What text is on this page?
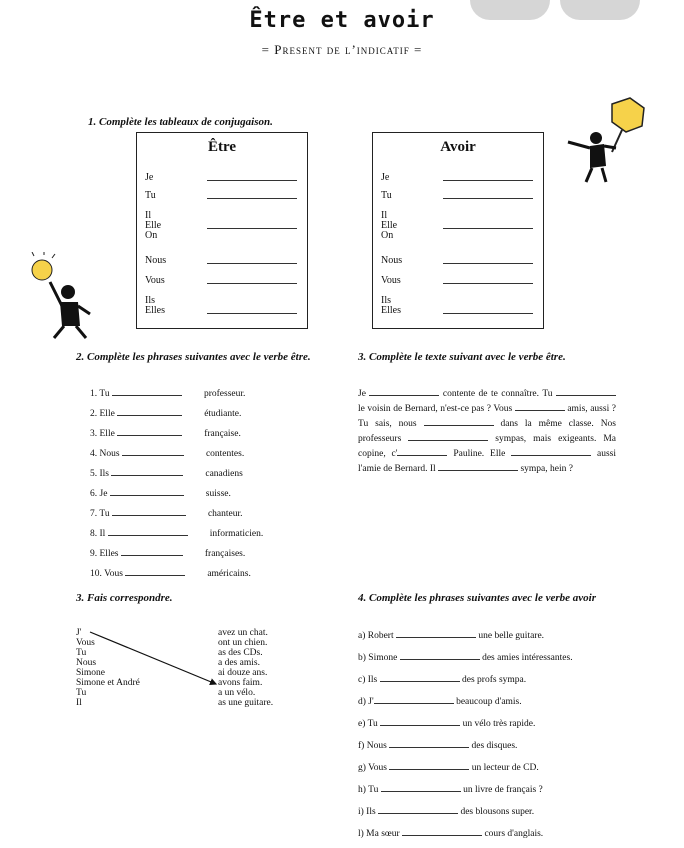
Être et avoir
= Present de l’indicatif =
1. Complète les tableaux de conjugaison.
Être
Je
Tu
Il
Elle
On
Nous
Vous
Ils
Elles
Avoir
Je
Tu
Il
Elle
On
Nous
Vous
Ils
Elles
2. Complète les phrases suivantes avec le verbe être.
1. Tu	professeur.
2. Elle	étudiante.
3. Elle	française.
4. Nous	contentes.
5. Ils	canadiens
6. Je	suisse.
7. Tu	chanteur.
8. Il	informaticien.
9. Elles	françaises.
10. Vous	américains.
3. Complète le texte suivant avec le verbe être.
Je	contente de te connaître. Tu  le voisin de Bernard, n'est-ce pas ? Vous	amis, aussi ? Tu sais, nous	dans la même classe. Nos professeurs	sympas, mais exigeants. Ma copine, c'	Pauline. Elle	aussi l'amie de Bernard. Il	sympa, hein ?
3. Fais correspondre.
J'
Vous
Tu
Nous
Simone
Simone et André
Tu
Il
avez un chat.
ont un chien.
as des CDs.
a des amis.
ai douze ans.
avons faim.
a un vélo.
as une guitare.
4. Complète les phrases suivantes avec le verbe avoir
a) Robert	une belle guitare.
b) Simone	des amies intéressantes.
c) Ils	des profs sympa.
d) J'	beaucoup d'amis.
e) Tu	un vélo très rapide.
f) Nous	des disques.
g) Vous	un lecteur de CD.
h) Tu	un livre de français ?
i) Ils	des blousons super.
l) Ma sœur	cours d'anglais.
